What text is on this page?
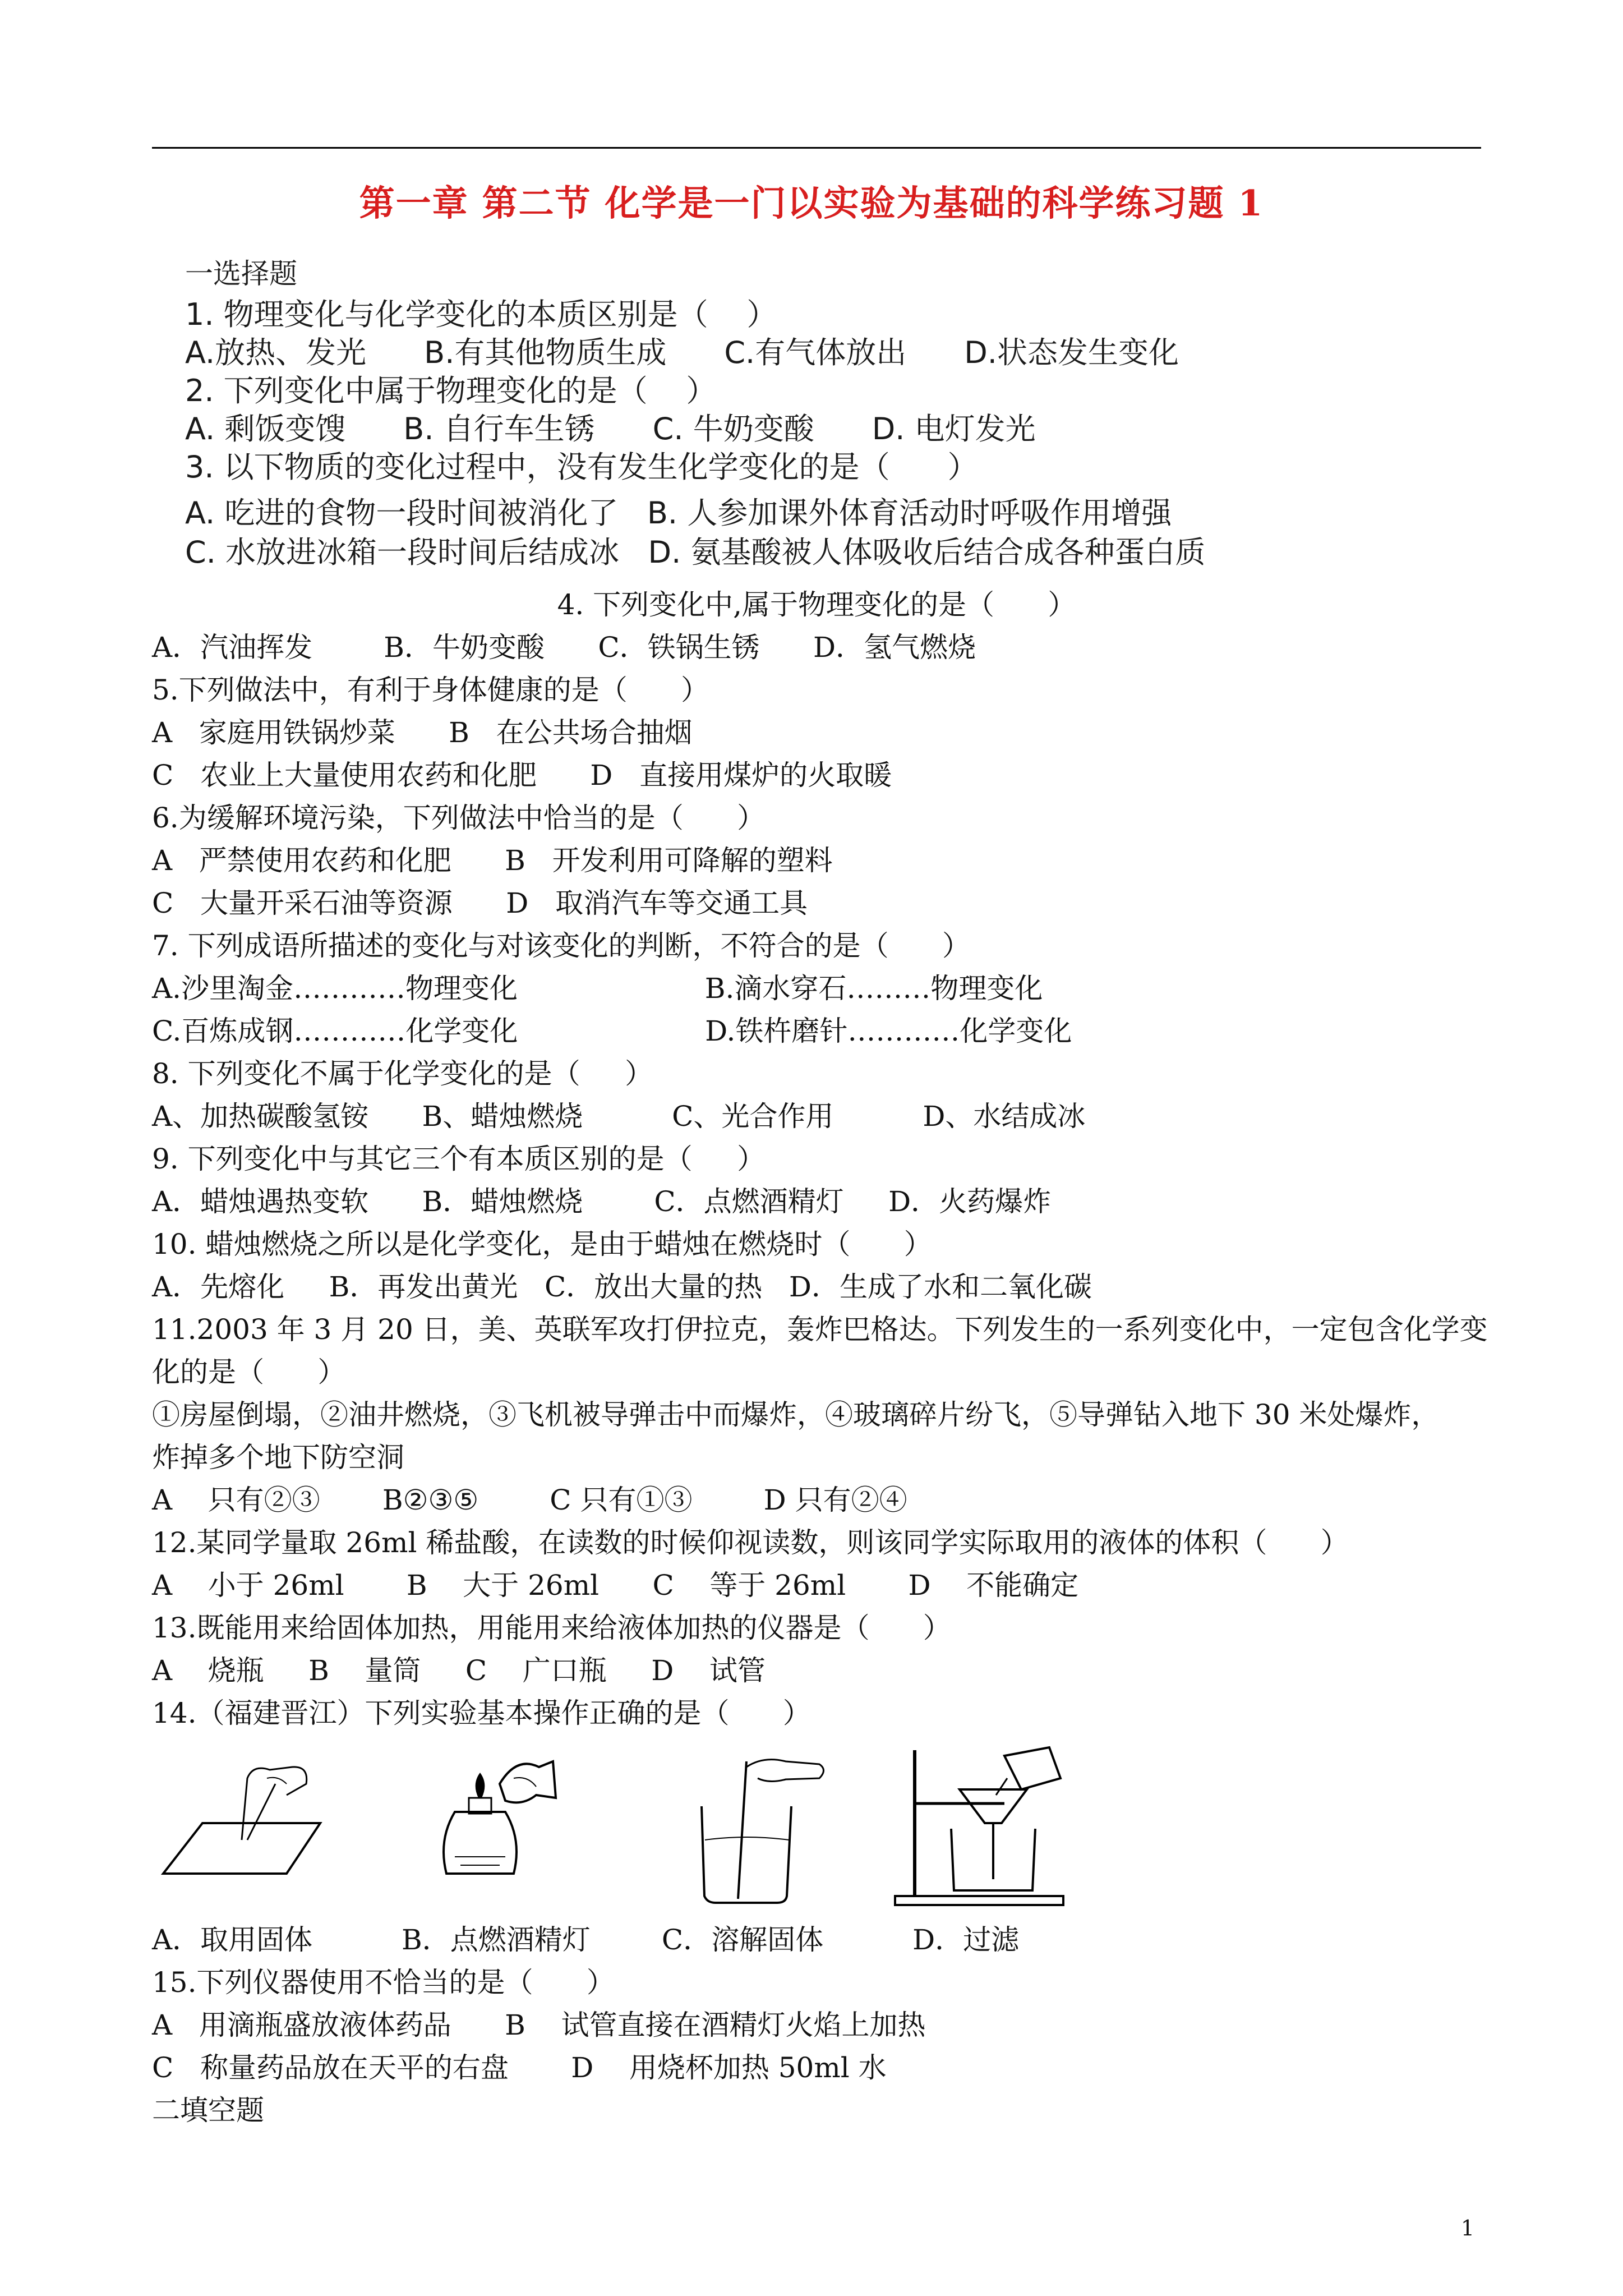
第一章 第二节 化学是一门以实验为基础的科学练习题 1
一选择题
1. 物理变化与化学变化的本质区别是（    ）
A.放热、发光      B.有其他物质生成      C.有气体放出      D.状态发生变化
2. 下列变化中属于物理变化的是（    ）
A. 剩饭变馊      B. 自行车生锈      C. 牛奶变酸      D. 电灯发光
3. 以下物质的变化过程中，没有发生化学变化的是（      ）
A. 吃进的食物一段时间被消化了   B. 人参加课外体育活动时呼吸作用增强
C. 水放进冰箱一段时间后结成冰   D. 氨基酸被人体吸收后结合成各种蛋白质
4. 下列变化中,属于物理变化的是（      ）
A．汽油挥发        B．牛奶变酸      C．铁锅生锈      D．氢气燃烧
5.下列做法中，有利于身体健康的是（      ）
A   家庭用铁锅炒菜      B   在公共场合抽烟
C   农业上大量使用农药和化肥      D   直接用煤炉的火取暖
6.为缓解环境污染，下列做法中恰当的是（      ）
A   严禁使用农药和化肥      B   开发利用可降解的塑料
C   大量开采石油等资源      D   取消汽车等交通工具
7. 下列成语所描述的变化与对该变化的判断，不符合的是（      ）
A.沙里淘金…………物理变化                     B.滴水穿石………物理变化
C.百炼成钢…………化学变化                     D.铁杵磨针…………化学变化
8. 下列变化不属于化学变化的是（     ）
A、加热碳酸氢铵      B、蜡烛燃烧          C、光合作用          D、水结成冰
9. 下列变化中与其它三个有本质区别的是（     ）
A．蜡烛遇热变软      B．蜡烛燃烧        C．点燃酒精灯     D．火药爆炸
10. 蜡烛燃烧之所以是化学变化，是由于蜡烛在燃烧时（      ）
A．先熔化     B．再发出黄光   C．放出大量的热   D．生成了水和二氧化碳
11.2003 年 3 月 20 日，美、英联军攻打伊拉克，轰炸巴格达。下列发生的一系列变化中，一定包含化学变
化的是（      ）
①房屋倒塌，②油井燃烧，③飞机被导弹击中而爆炸，④玻璃碎片纷飞，⑤导弹钻入地下 30 米处爆炸，
炸掉多个地下防空洞
A    只有②③       B②③⑤        C 只有①③        D 只有②④
12.某同学量取 26ml 稀盐酸，在读数的时候仰视读数，则该同学实际取用的液体的体积（      ）
A    小于 26ml       B    大于 26ml      C    等于 26ml       D    不能确定
13.既能用来给固体加热，用能用来给液体加热的仪器是（      ）
A    烧瓶     B    量筒     C    广口瓶     D    试管
14.（福建晋江）下列实验基本操作正确的是（      ）
A．取用固体          B．点燃酒精灯        C．溶解固体          D．过滤
15.下列仪器使用不恰当的是（      ）
A   用滴瓶盛放液体药品      B    试管直接在酒精灯火焰上加热
C   称量药品放在天平的右盘       D    用烧杯加热 50ml 水
二填空题
1
